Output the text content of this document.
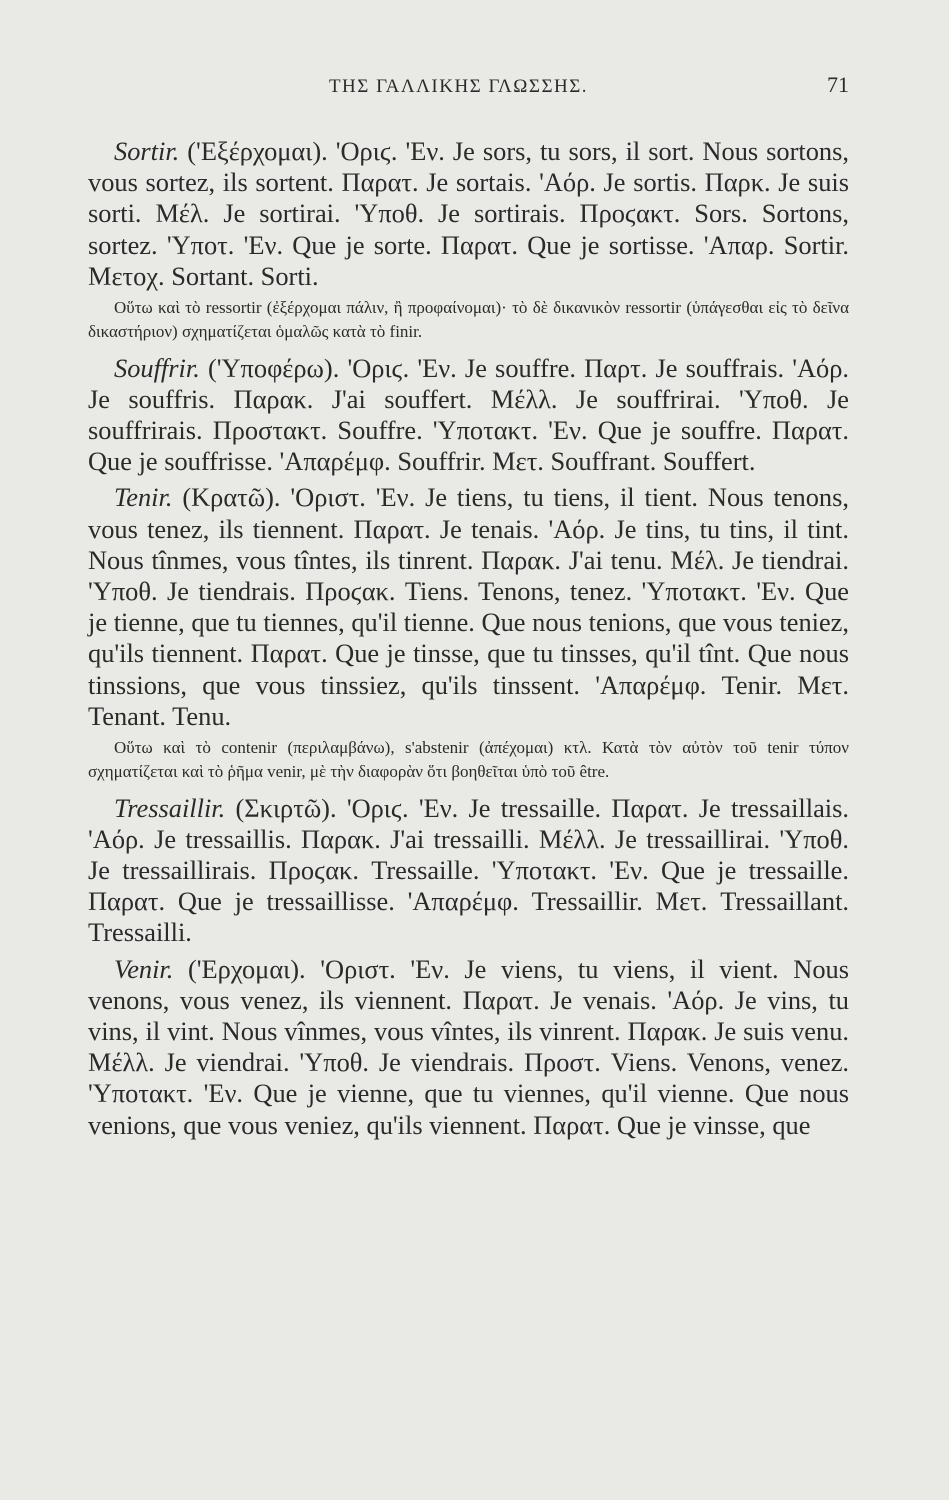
ΤΗΣ ΓΑΛΛΙΚΗΣ ΓΛΩΣΣΗΣ.	71

Sortir. ('Εξέρχομαι). 'Οριϛ. 'Εν. Je sors, tu sors, il sort. Nous sortons, vous sortez, ils sortent. Παρατ. Je sortais. 'Αόρ. Je sortis. Παρκ. Je suis sorti. Μέλ. Je sortirai. 'Υποθ. Je sortirais. Προϛακτ. Sors. Sortons, sortez. 'Υποτ. 'Εν. Que je sorte. Παρατ. Que je sortisse. 'Απαρ. Sortir. Μετοχ. Sortant. Sorti.

Οὕτω καὶ τὸ ressortir (ἐξέρχομαι πάλιν, ἢ προφαίνομαι)· τὸ δὲ δικανικὸν ressortir (ὑπάγεσθαι εἰς τὸ δεῖνα δικαστήριον) σχηματίζεται ὁμαλῶς κατὰ τὸ finir.

Souffrir. ('Υποφέρω). 'Οριϛ. 'Εν. Je souffre. Παρτ. Je souffrais. 'Αόρ. Je souffris. Παρακ. J'ai souffert. Μέλλ. Je souffrirai. 'Υποθ. Je souffrirais. Προστακτ. Souffre. 'Υποτακτ. 'Εν. Que je souffre. Παρατ. Que je souffrisse. 'Απαρέμφ. Souffrir. Μετ. Souffrant. Souffert.

Tenir. (Κρατῶ). 'Οριστ. 'Εν. Je tiens, tu tiens, il tient. Nous tenons, vous tenez, ils tiennent. Παρατ. Je tenais. 'Αόρ. Je tins, tu tins, il tint. Nous tînmes, vous tîntes, ils tinrent. Παρακ. J'ai tenu. Μέλ. Je tiendrai. 'Υποθ. Je tiendrais. Προϛακ. Tiens. Tenons, tenez. 'Υποτακτ. 'Εν. Que je tienne, que tu tiennes, qu'il tienne. Que nous tenions, que vous teniez, qu'ils tiennent. Παρατ. Que je tinsse, que tu tinsses, qu'il tînt. Que nous tinssions, que vous tinssiez, qu'ils tinssent. 'Απαρέμφ. Tenir. Μετ. Tenant. Tenu.

Οὕτω καὶ τὸ contenir (περιλαμβάνω), s'abstenir (ἀπέχομαι) κτλ. Κατὰ τὸν αὐτὸν τοῦ tenir τύπον σχηματίζεται καὶ τὸ ῥῆμα venir, μὲ τὴν διαφορὰν ὅτι βοηθεῖται ὑπὸ τοῦ être.

Tressaillir. (Σκιρτῶ). 'Οριϛ. 'Εν. Je tressaille. Παρατ. Je tressaillais. 'Αόρ. Je tressaillis. Παρακ. J'ai tressailli. Μέλλ. Je tressaillirai. 'Υποθ. Je tressaillirais. Προϛακ. Tressaille. 'Υποτακτ. 'Εν. Que je tressaille. Παρατ. Que je tressaillisse. 'Απαρέμφ. Tressaillir. Μετ. Tressaillant. Tressailli.

Venir. ('Ερχομαι). 'Οριστ. 'Εν. Je viens, tu viens, il vient. Nous venons, vous venez, ils viennent. Παρατ. Je venais. 'Αόρ. Je vins, tu vins, il vint. Nous vînmes, vous vîntes, ils vinrent. Παρακ. Je suis venu. Μέλλ. Je viendrai. 'Υποθ. Je viendrais. Προστ. Viens. Venons, venez. 'Υποτακτ. 'Εν. Que je vienne, que tu viennes, qu'il vienne. Que nous venions, que vous veniez, qu'ils viennent. Παρατ. Que je vinsse, que
